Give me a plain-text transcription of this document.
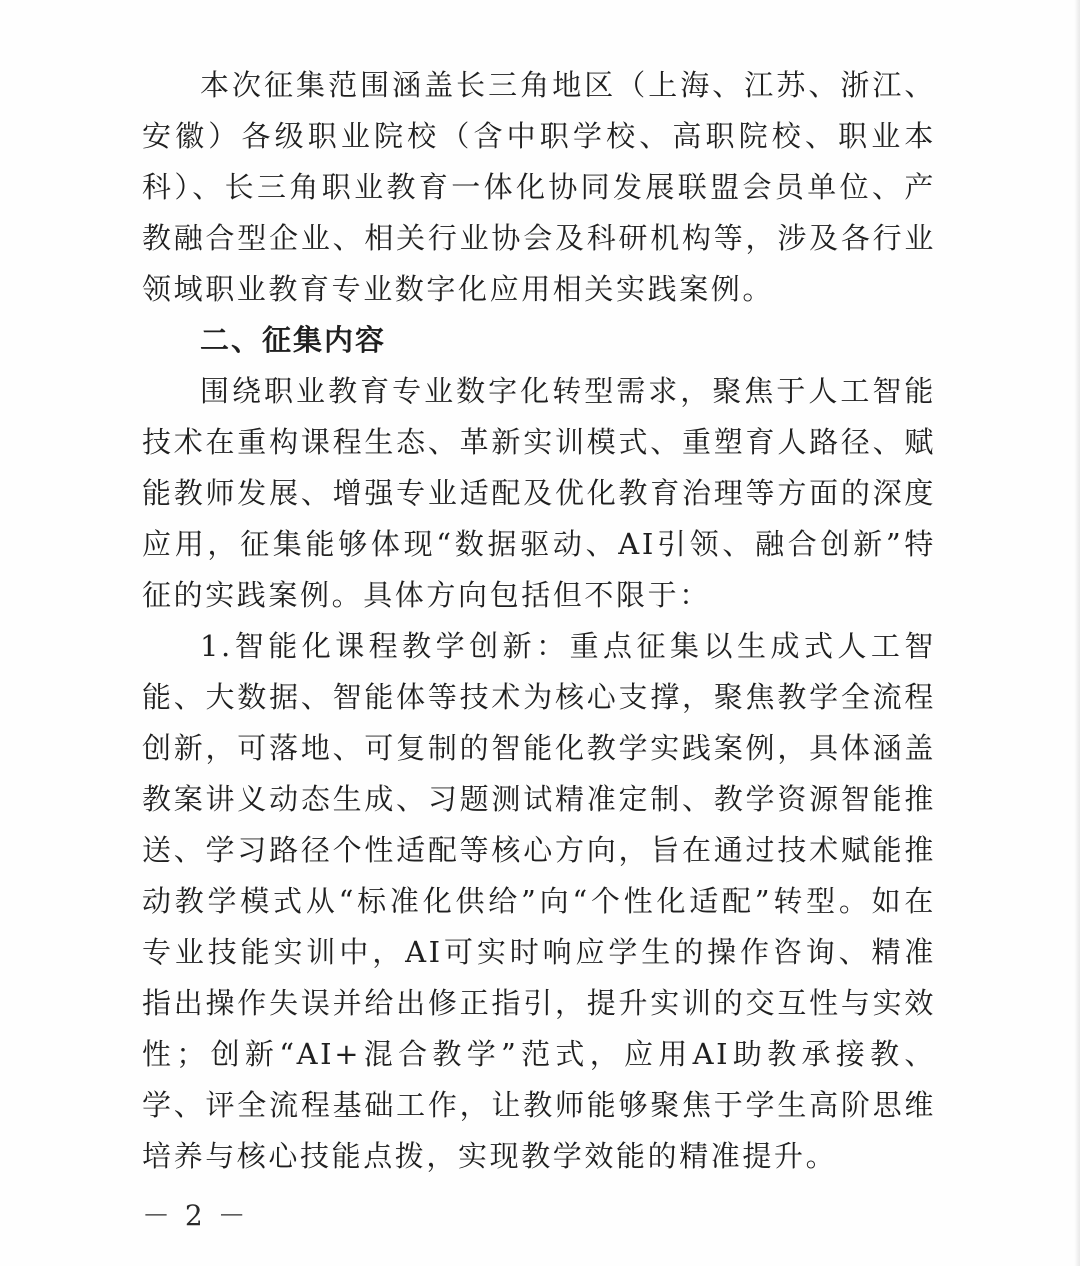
本次征集范围涵盖长三角地区（上海、江苏、浙江、安徽）各级职业院校（含中职学校、高职院校、职业本科）、长三角职业教育一体化协同发展联盟会员单位、产教融合型企业、相关行业协会及科研机构等，涉及各行业领域职业教育专业数字化应用相关实践案例。

二、征集内容

围绕职业教育专业数字化转型需求，聚焦于人工智能技术在重构课程生态、革新实训模式、重塑育人路径、赋能教师发展、增强专业适配及优化教育治理等方面的深度应用，征集能够体现“数据驱动、AI引领、融合创新”特征的实践案例。具体方向包括但不限于：

1.智能化课程教学创新：重点征集以生成式人工智能、大数据、智能体等技术为核心支撑，聚焦教学全流程创新，可落地、可复制的智能化教学实践案例，具体涵盖教案讲义动态生成、习题测试精准定制、教学资源智能推送、学习路径个性适配等核心方向，旨在通过技术赋能推动教学模式从“标准化供给”向“个性化适配”转型。如在专业技能实训中，AI可实时响应学生的操作咨询、精准指出操作失误并给出修正指引，提升实训的交互性与实效性；创新“AI+混合教学”范式，应用AI助教承接教、学、评全流程基础工作，让教师能够聚焦于学生高阶思维培养与核心技能点拨，实现教学效能的精准提升。

－ 2 －
